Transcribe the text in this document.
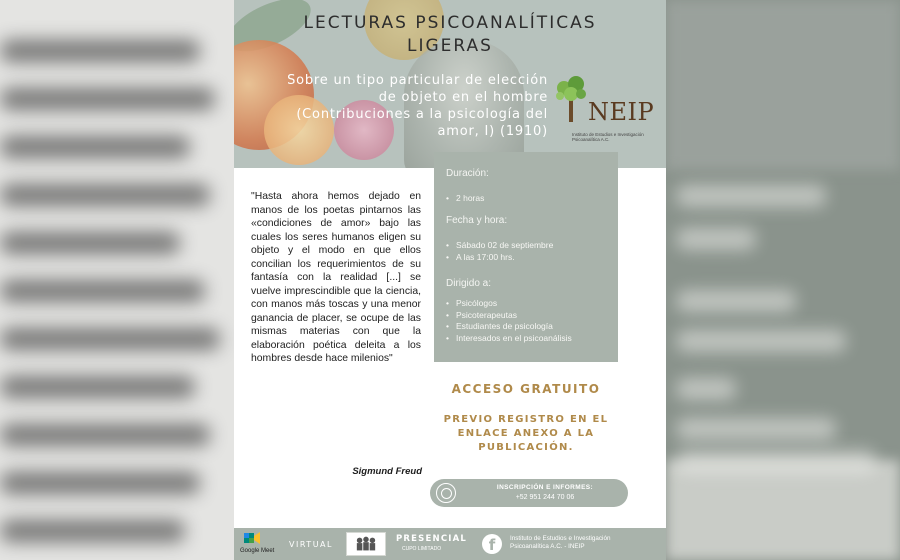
LECTURAS PSICOANALÍTICAS
LIGERAS
Sobre un tipo particular de elección
de objeto en el hombre
(Contribuciones a la psicología del
amor, I) (1910)
NEIP
Instituto de Estudios e Investigación Psicoanalítica A.C.
"Hasta ahora hemos dejado en manos de los poetas pintarnos las «condiciones de amor» bajo las cuales los seres humanos eligen su objeto y el modo en que ellos concilian los requerimientos de su fantasía con la realidad [...] se vuelve imprescindible que la ciencia, con manos más toscas y una menor ganancia de placer, se ocupe de las mismas materias con que la elaboración poética deleita a los hombres desde hace milenios"
Sigmund Freud
Duración:
• 2 horas
Fecha y hora:
• Sábado 02 de septiembre
• A las 17:00 hrs.
Dirigido a:
• Psicólogos
• Psicoterapeutas
• Estudiantes de psicología
• Interesados en el psicoanálisis
ACCESO GRATUITO
PREVIO REGISTRO EN EL
ENLACE ANEXO A LA
PUBLICACIÓN.
INSCRIPCIÓN E INFORMES:
+52 951 244 70 06
Google Meet
VIRTUAL
PRESENCIAL
CUPO LIMITADO	f	Instituto de Estudios e Investigación
Psicoanalítica A.C. - INEIP
